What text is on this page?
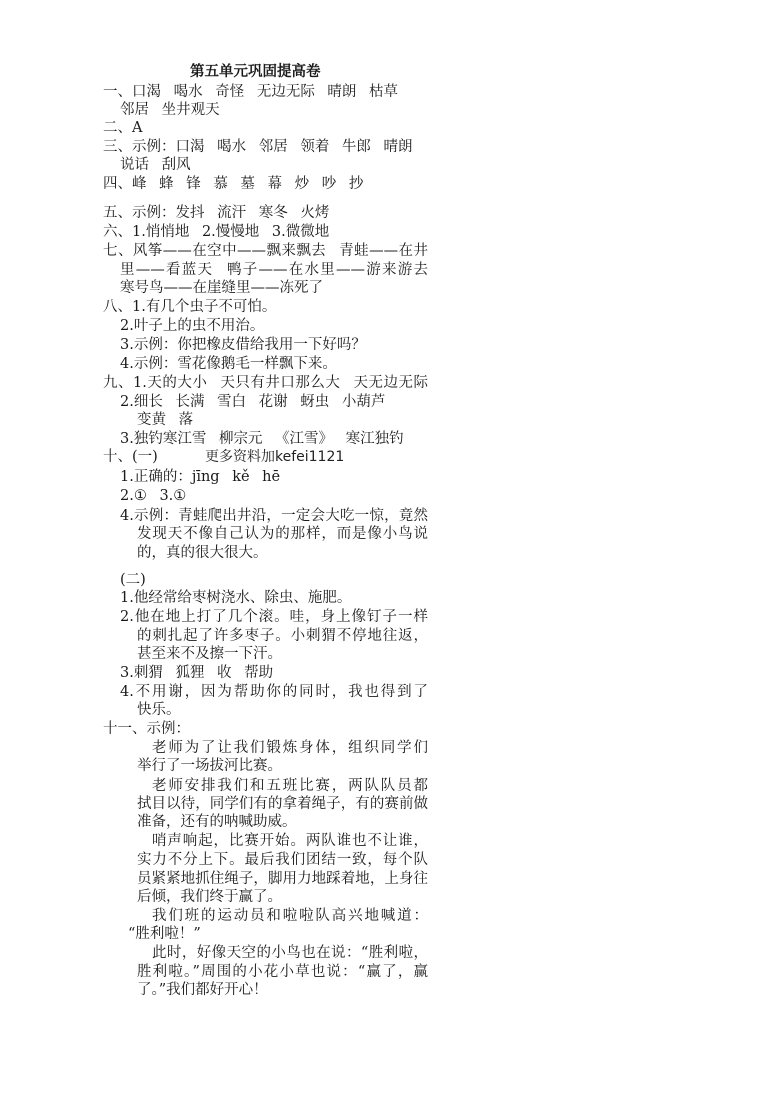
第五单元巩固提高卷
一、口渴 喝水 奇怪 无边无际 晴朗 枯草
邻居 坐井观天
二、A
三、示例：口渴 喝水 邻居 领着 牛郎 晴朗
说话 刮风
四、峰 蜂 锋 慕 墓 幕 炒 吵 抄
五、示例：发抖 流汗 寒冬 火烤
六、1.悄悄地 2.慢慢地 3.微微地
七、风筝——在空中——飘来飘去 青蛙——在井
里——看蓝天 鸭子——在水里——游来游去
寒号鸟——在崖缝里——冻死了
八、1.有几个虫子不可怕。
2.叶子上的虫不用治。
3.示例：你把橡皮借给我用一下好吗？
4.示例：雪花像鹅毛一样飘下来。
九、1.天的大小 天只有井口那么大 天无边无际
2.细长 长满 雪白 花谢 蚜虫 小葫芦
变黄 落
3.独钓寒江雪 柳宗元 《江雪》 寒江独钓
十、(一)	更多资料加kefei1121
1.正确的：jīng kě hē
2.① 3.①
4.示例：青蛙爬出井沿，一定会大吃一惊，竟然
发现天不像自己认为的那样，而是像小鸟说
的，真的很大很大。
(二)
1.他经常给枣树浇水、除虫、施肥。
2.他在地上打了几个滚。哇，身上像钉子一样
的刺扎起了许多枣子。小刺猬不停地往返，
甚至来不及擦一下汗。
3.刺猬 狐狸 收 帮助
4.不用谢，因为帮助你的同时，我也得到了
快乐。
十一、示例：
老师为了让我们锻炼身体，组织同学们
举行了一场拔河比赛。
老师安排我们和五班比赛，两队队员都
拭目以待，同学们有的拿着绳子，有的赛前做
准备，还有的呐喊助威。
哨声响起，比赛开始。两队谁也不让谁，
实力不分上下。最后我们团结一致，每个队
员紧紧地抓住绳子，脚用力地踩着地，上身往
后倾，我们终于赢了。
我们班的运动员和啦啦队高兴地喊道：
“胜利啦！”
此时，好像天空的小鸟也在说：“胜利啦，
胜利啦。”周围的小花小草也说：“赢了，赢
了。”我们都好开心！
